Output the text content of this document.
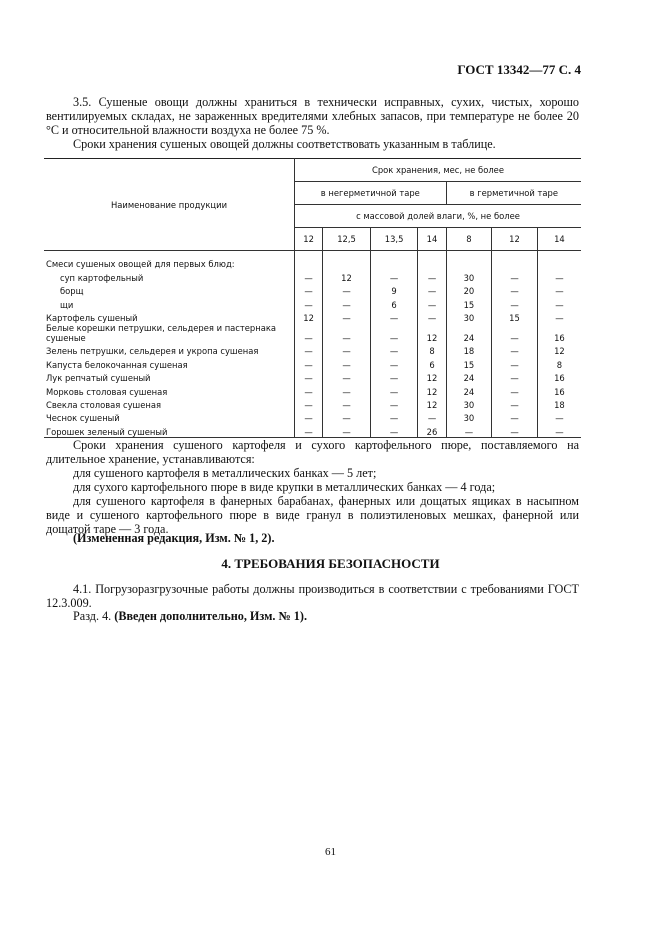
ГОСТ 13342—77 С. 4
3.5. Сушеные овощи должны храниться в технически исправных, сухих, чистых, хорошо вентилируемых складах, не зараженных вредителями хлебных запасов, при температуре не более 20 °С и относительной влажности воздуха не более 75 %.
Сроки хранения сушеных овощей должны соответствовать указанным в таблице.
Наименование продукции	Срок хранения, мес, не более						
	в негерметичной таре				в герметичной таре		
	с массовой долей влаги, %, не более						
	12	12,5	13,5	14	8	12	14
Смеси сушеных овощей для первых блюд:							
суп картофельный	—	12	—	—	30	—	—
борщ	—	—	9	—	20	—	—
щи	—	—	6	—	15	—	—
Картофель сушеный	12	—	—	—	30	15	—
Белые корешки петрушки, сельдерея и пастернака сушеные	—	—	—	12	24	—	16
Зелень петрушки, сельдерея и укропа сушеная	—	—	—	8	18	—	12
Капуста белокочанная сушеная	—	—	—	6	15	—	8
Лук репчатый сушеный	—	—	—	12	24	—	16
Морковь столовая сушеная	—	—	—	12	24	—	16
Свекла столовая сушеная	—	—	—	12	30	—	18
Чеснок сушеный	—	—	—	—	30	—	—
Горошек зеленый сушеный	—	—	—	26	—	—	—
Сроки хранения сушеного картофеля и сухого картофельного пюре, поставляемого на длительное хранение, устанавливаются:
для сушеного картофеля в металлических банках — 5 лет;
для сухого картофельного пюре в виде крупки в металлических банках — 4 года;
для сушеного картофеля в фанерных барабанах, фанерных или дощатых ящиках в насыпном виде и сушеного картофельного пюре в виде гранул в полиэтиленовых мешках, фанерной или дощатой таре — 3 года.
(Измененная редакция, Изм. № 1, 2).
4. ТРЕБОВАНИЯ БЕЗОПАСНОСТИ
4.1. Погрузоразгрузочные работы должны производиться в соответствии с требованиями ГОСТ 12.3.009.
Разд. 4. (Введен дополнительно, Изм. № 1).
61
